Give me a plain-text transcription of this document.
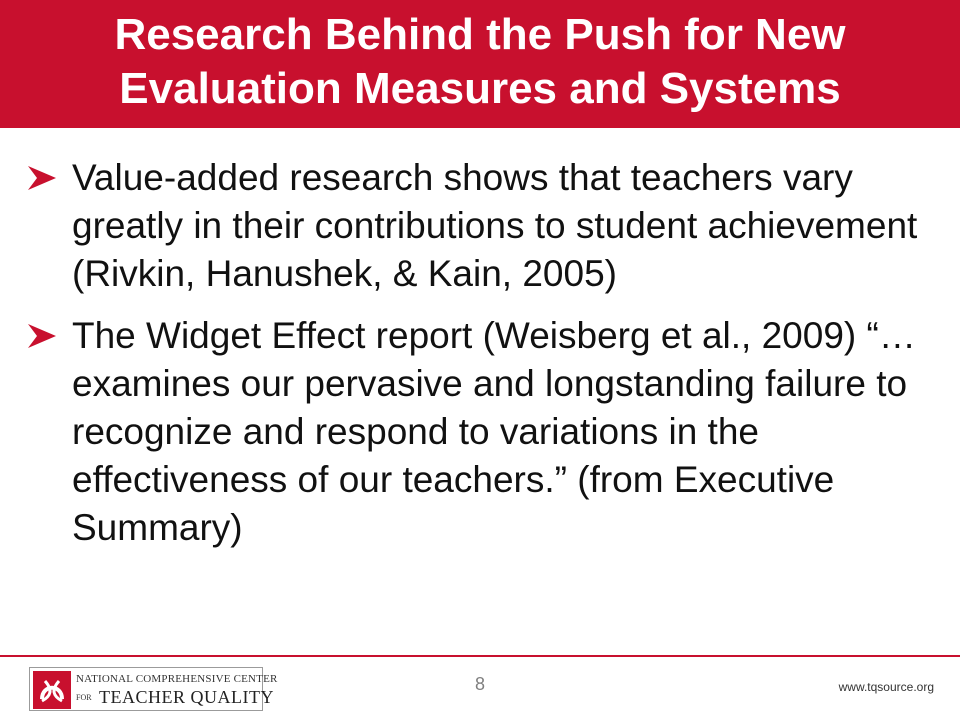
Research Behind the Push for New
Evaluation Measures and Systems
Value-added research shows that teachers vary greatly in their contributions to student achievement (Rivkin, Hanushek, & Kain, 2005)
The Widget Effect report (Weisberg et al., 2009) “…examines our pervasive and longstanding failure to recognize and respond to variations in the effectiveness of our teachers.” (from Executive Summary)
NATIONAL COMPREHENSIVE CENTER
FOR TEACHER QUALITY
8	www.tqsource.org
